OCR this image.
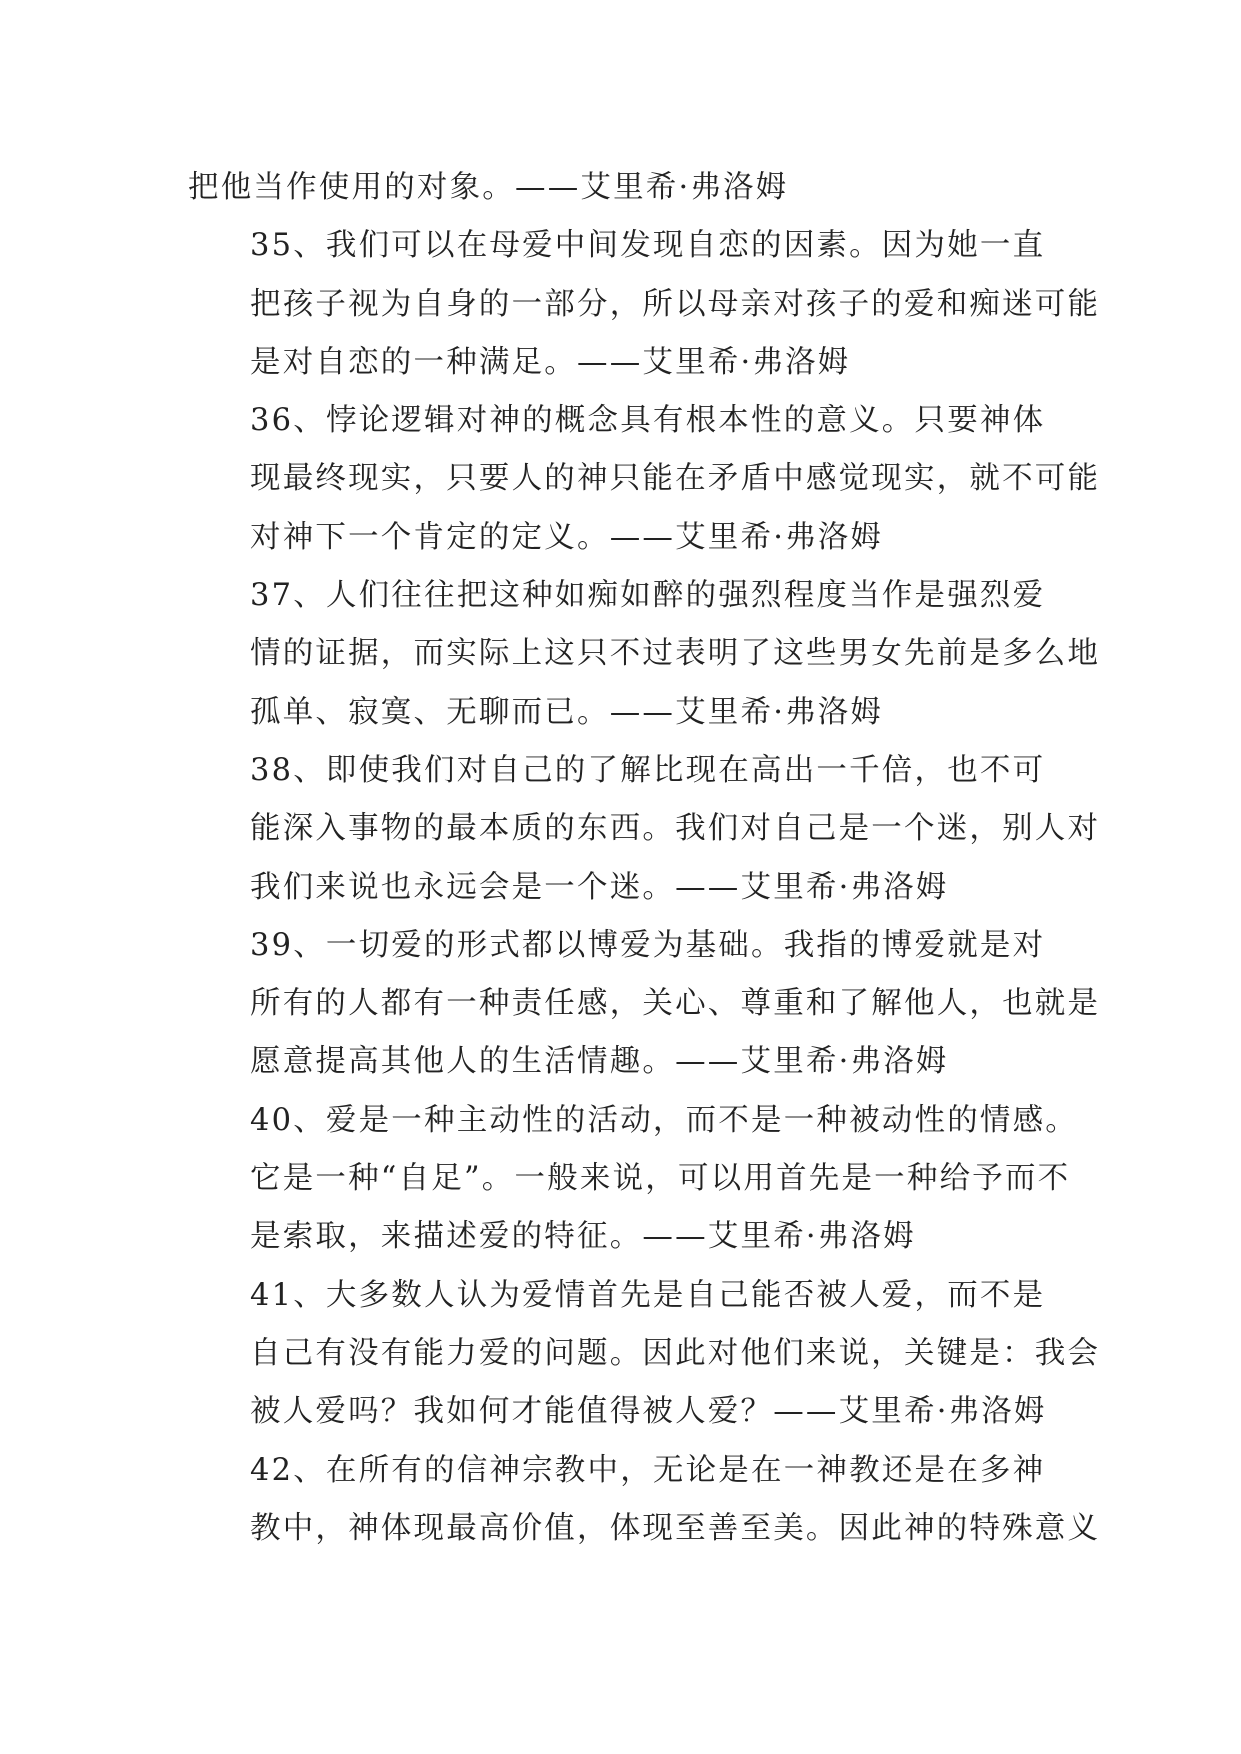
把他当作使用的对象。——艾里希·弗洛姆

35、我们可以在母爱中间发现自恋的因素。因为她一直
把孩子视为自身的一部分，所以母亲对孩子的爱和痴迷可能
是对自恋的一种满足。——艾里希·弗洛姆

36、悖论逻辑对神的概念具有根本性的意义。只要神体
现最终现实，只要人的神只能在矛盾中感觉现实，就不可能
对神下一个肯定的定义。——艾里希·弗洛姆

37、人们往往把这种如痴如醉的强烈程度当作是强烈爱
情的证据，而实际上这只不过表明了这些男女先前是多么地
孤单、寂寞、无聊而已。——艾里希·弗洛姆

38、即使我们对自己的了解比现在高出一千倍，也不可
能深入事物的最本质的东西。我们对自己是一个迷，别人对
我们来说也永远会是一个迷。——艾里希·弗洛姆

39、一切爱的形式都以博爱为基础。我指的博爱就是对
所有的人都有一种责任感，关心、尊重和了解他人，也就是
愿意提高其他人的生活情趣。——艾里希·弗洛姆

40、爱是一种主动性的活动，而不是一种被动性的情感。
它是一种“自足”。一般来说，可以用首先是一种给予而不
是索取，来描述爱的特征。——艾里希·弗洛姆

41、大多数人认为爱情首先是自己能否被人爱，而不是
自己有没有能力爱的问题。因此对他们来说，关键是：我会
被人爱吗？我如何才能值得被人爱？——艾里希·弗洛姆

42、在所有的信神宗教中，无论是在一神教还是在多神
教中，神体现最高价值，体现至善至美。因此神的特殊意义
